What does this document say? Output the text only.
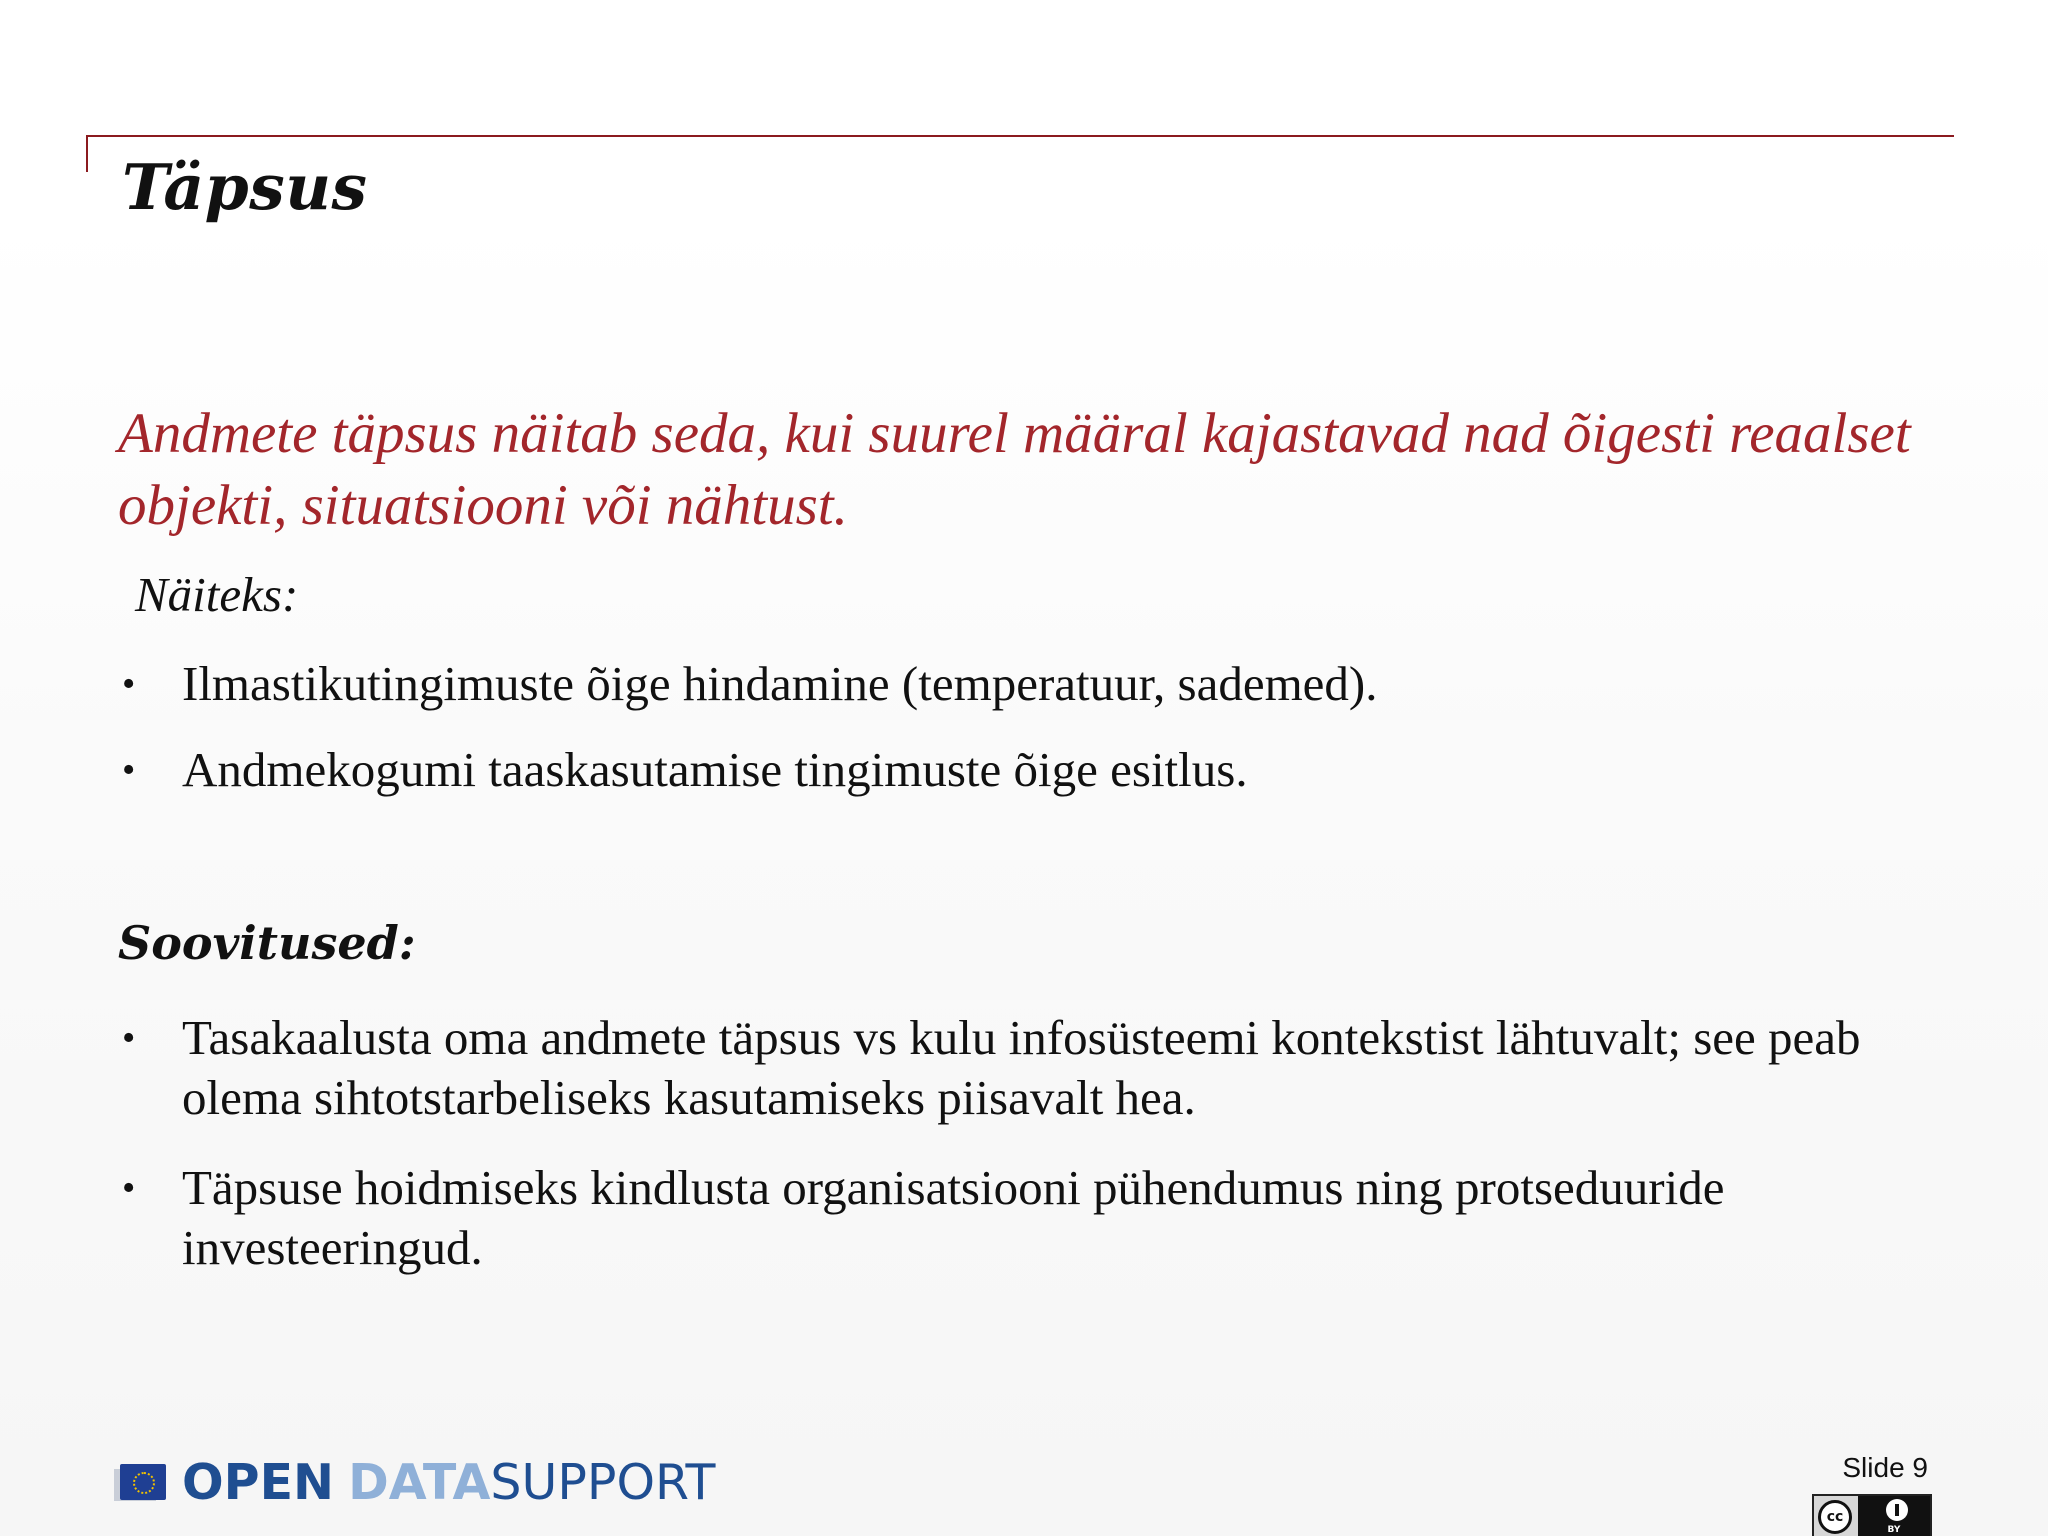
Täpsus

Andmete täpsus näitab seda, kui suurel määral kajastavad nad õigesti reaalset objekti, situatsiooni või nähtust.

Näiteks:

• Ilmastikutingimuste õige hindamine (temperatuur, sademed).
• Andmekogumi taaskasutamise tingimuste õige esitlus.

Soovitused:

• Tasakaalusta oma andmete täpsus vs kulu infosüsteemi kontekstist lähtuvalt; see peab olema sihtotstarbeliseks kasutamiseks piisavalt hea.
• Täpsuse hoidmiseks kindlusta organisatsiooni pühendumus ning protseduuride investeeringud.
OPEN DATA SUPPORT	Slide 9
cc
BY
